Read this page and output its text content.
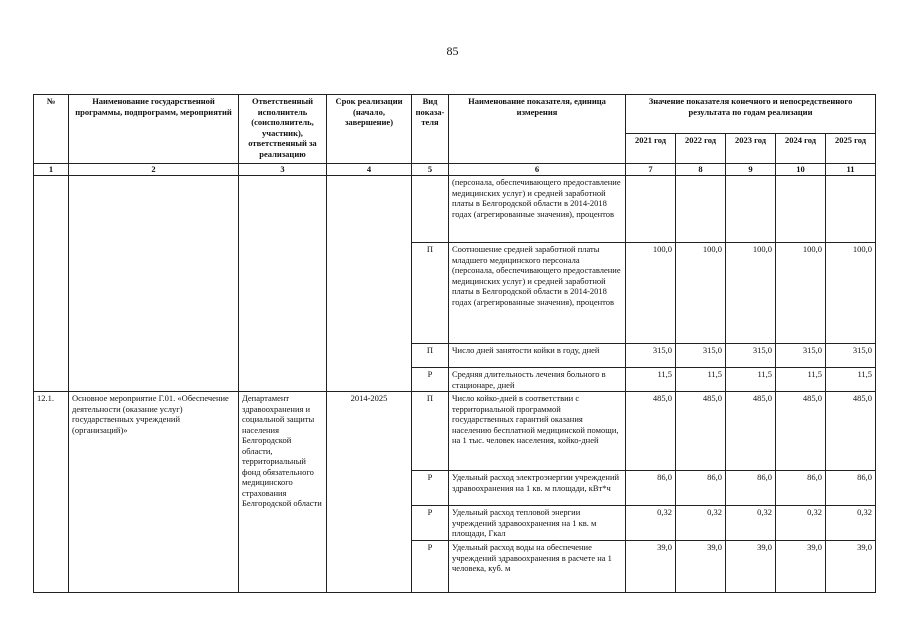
85
№	Наименование государственной программы, подпрограмм, мероприятий	Ответственный исполнитель (соисполнитель, участник), ответственный за реализацию	Срок реализации (начало, завершение)	Вид показа-теля	Наименование показателя, единица измерения	Значение показателя конечного и непосредственного результата по годам реализации				
						2021 год	2022 год	2023 год	2024 год	2025 год
1	2	3	4	5	6	7	8	9	10	11
					(персонала, обеспечивающего предоставление медицинских услуг) и средней заработной платы в Белгородской области в 2014-2018 годах (агрегированные значения), процентов					
				П	Соотношение средней заработной платы младшего медицинского персонала (персонала, обеспечивающего предоставление медицинских услуг) и средней заработной платы в Белгородской области в 2014-2018 годах (агрегированные значения), процентов	100,0	100,0	100,0	100,0	100,0
				П	Число дней занятости койки в году, дней	315,0	315,0	315,0	315,0	315,0
				Р	Средняя длительность лечения больного в стационаре, дней	11,5	11,5	11,5	11,5	11,5
12.1.	Основное мероприятие Г.01. «Обеспечение деятельности (оказание услуг) государственных учреждений (организаций)»	Департамент здравоохранения и социальной защиты населения Белгородской области, территориальный фонд обязательного медицинского страхования Белгородской области	2014-2025	П	Число койко-дней в соответствии с территориальной программой государственных гарантий оказания населению бесплатной медицинской помощи, на 1 тыс. человек населения, койко-дней	485,0	485,0	485,0	485,0	485,0
				Р	Удельный расход электроэнергии учреждений здравоохранения на 1 кв. м площади, кВт*ч	86,0	86,0	86,0	86,0	86,0
				Р	Удельный расход тепловой энергии учреждений здравоохранения на 1 кв. м площади, Гкал	0,32	0,32	0,32	0,32	0,32
				Р	Удельный расход воды на обеспечение учреждений здравоохранения в расчете на 1 человека, куб. м	39,0	39,0	39,0	39,0	39,0
